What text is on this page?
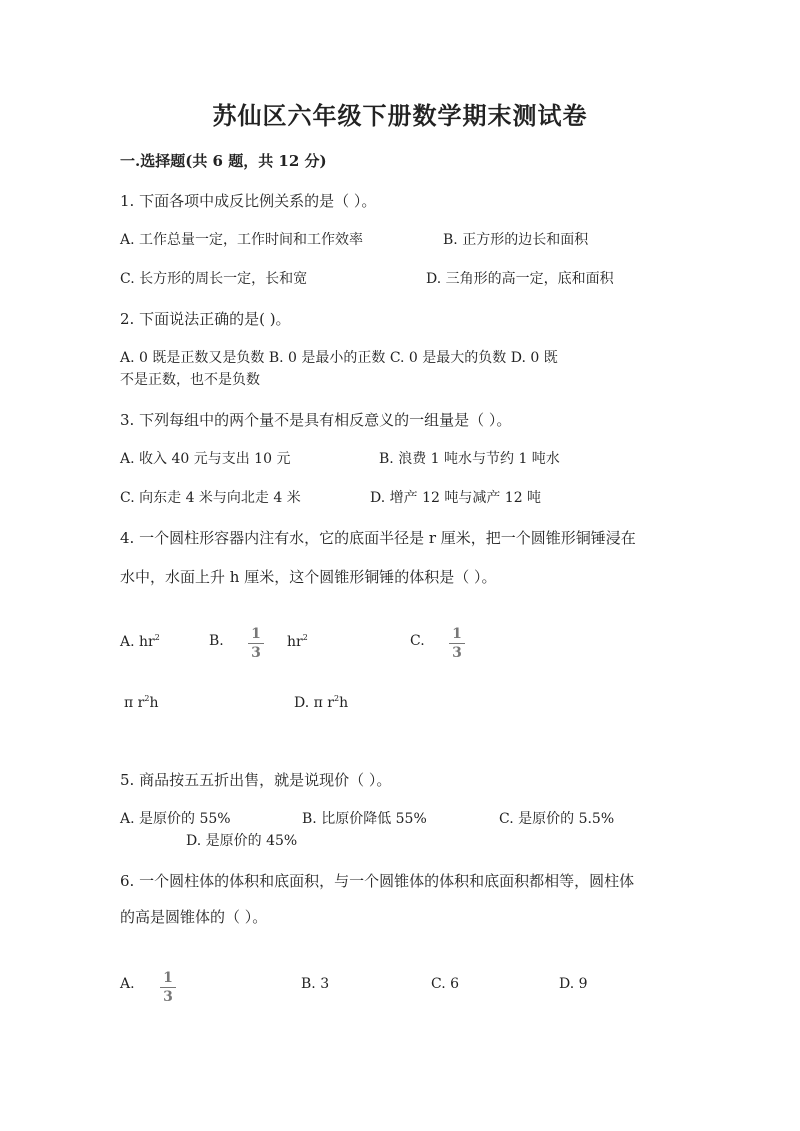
苏仙区六年级下册数学期末测试卷
一.选择题(共 6 题，共 12 分)
1. 下面各项中成反比例关系的是（ ）。
A. 工作总量一定，工作时间和工作效率	B. 正方形的边长和面积
C. 长方形的周长一定，长和宽	D. 三角形的高一定，底和面积
2. 下面说法正确的是( )。
A. 0 既是正数又是负数 B. 0 是最小的正数 C. 0 是最大的负数 D. 0 既
不是正数，也不是负数
3. 下列每组中的两个量不是具有相反意义的一组量是（ ）。
A. 收入 40 元与支出 10 元	B. 浪费 1 吨水与节约 1 吨水
C. 向东走 4 米与向北走 4 米	D. 增产 12 吨与减产 12 吨
4. 一个圆柱形容器内注有水，它的底面半径是 r 厘米，把一个圆锥形铜锤浸在
水中，水面上升 h 厘米，这个圆锥形铜锤的体积是（ ）。
A. $hr^2$	B. 1
3
$hr^2$	C. 1
3
π $r^2h$	D. π $r^2h$
5. 商品按五五折出售，就是说现价（ ）。
A. 是原价的 55%	B. 比原价降低 55%	C. 是原价的 5.5%
D. 是原价的 45%
6. 一个圆柱体的体积和底面积，与一个圆锥体的体积和底面积都相等，圆柱体
的高是圆锥体的（ ）。
A. 1
3
B. 3	C. 6	D. 9
